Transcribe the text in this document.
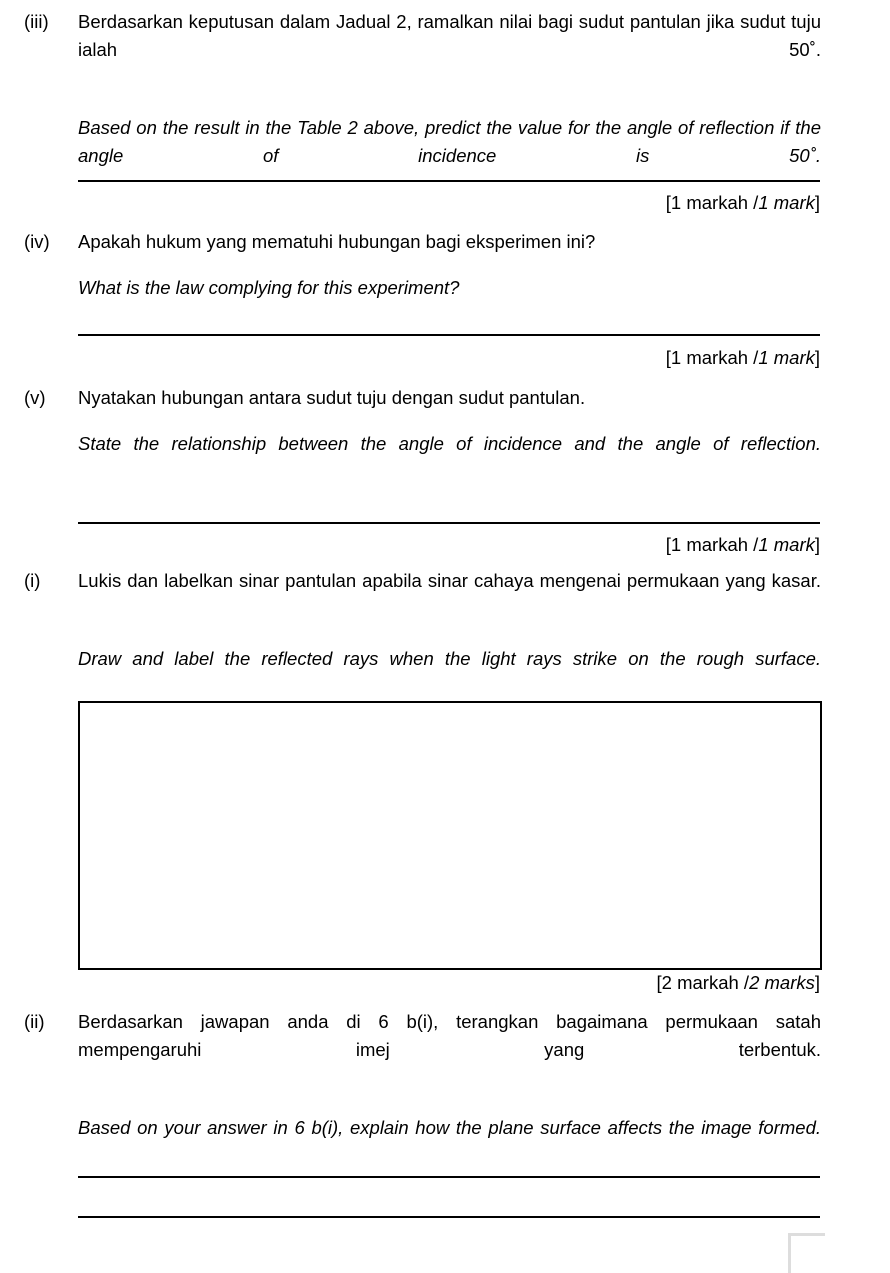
(iii)	Berdasarkan keputusan dalam Jadual 2, ramalkan nilai bagi sudut pantulan jika sudut tuju ialah 50˚.

Based on the result in the Table 2 above, predict the value for the angle of reflection if the angle of incidence is 50˚.

[1 markah /1 mark]
(iv)	Apakah hukum yang mematuhi hubungan bagi eksperimen ini?

What is the law complying for this experiment?

[1 markah /1 mark]
(v)	Nyatakan hubungan antara sudut tuju dengan sudut pantulan.

State the relationship between the angle of incidence and the angle of reflection.

[1 markah /1 mark]
(i)	Lukis dan labelkan sinar pantulan apabila sinar cahaya mengenai permukaan yang kasar.

Draw and label the reflected rays when the light rays strike on the rough surface.

[2 markah /2 marks]
(ii)	Berdasarkan jawapan anda di 6 b(i), terangkan bagaimana permukaan satah mempengaruhi imej yang terbentuk.

Based on your answer in 6 b(i), explain how the plane surface affects the image formed.
